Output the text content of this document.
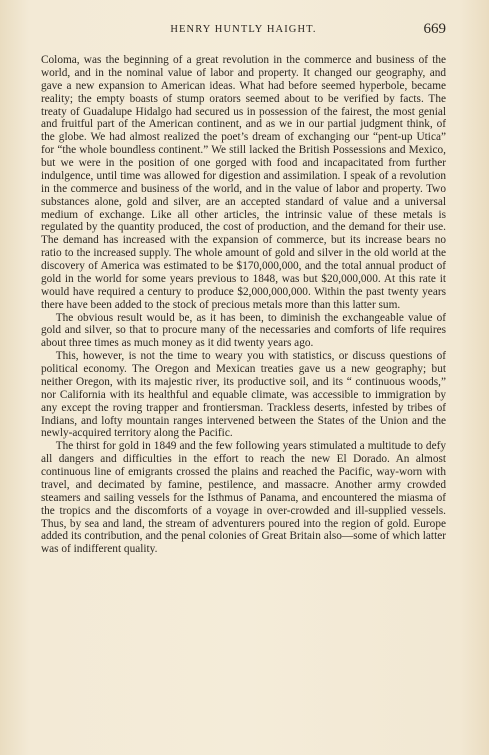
HENRY HUNTLY HAIGHT.	669

Coloma, was the beginning of a great revolution in the commerce and business of the world, and in the nominal value of labor and property. It changed our geography, and gave a new expansion to American ideas. What had before seemed hyperbole, became reality; the empty boasts of stump orators seemed about to be verified by facts. The treaty of Guadalupe Hidalgo had secured us in possession of the fairest, the most genial and fruitful part of the American continent, and as we in our partial judgment think, of the globe. We had almost realized the poet’s dream of exchanging our “pent-up Utica” for “the whole boundless continent.” We still lacked the British Possessions and Mexico, but we were in the position of one gorged with food and incapacitated from further indulgence, until time was allowed for digestion and assimilation. I speak of a revolution in the commerce and business of the world, and in the value of labor and property. Two substances alone, gold and silver, are an accepted standard of value and a universal medium of exchange. Like all other articles, the intrinsic value of these metals is regulated by the quantity produced, the cost of production, and the demand for their use. The demand has increased with the expansion of commerce, but its increase bears no ratio to the increased supply. The whole amount of gold and silver in the old world at the discovery of America was estimated to be $170,000,000, and the total annual product of gold in the world for some years previous to 1848, was but $20,000,000. At this rate it would have required a century to produce $2,000,000,000. Within the past twenty years there have been added to the stock of precious metals more than this latter sum.

The obvious result would be, as it has been, to diminish the exchangeable value of gold and silver, so that to procure many of the necessaries and comforts of life requires about three times as much money as it did twenty years ago.

This, however, is not the time to weary you with statistics, or discuss questions of political economy. The Oregon and Mexican treaties gave us a new geography; but neither Oregon, with its majestic river, its productive soil, and its “ continuous woods,” nor California with its healthful and equable climate, was accessible to immigration by any except the roving trapper and frontiersman. Trackless deserts, infested by tribes of Indians, and lofty mountain ranges intervened between the States of the Union and the newly-acquired territory along the Pacific.

The thirst for gold in 1849 and the few following years stimulated a multitude to defy all dangers and difficulties in the effort to reach the new El Dorado. An almost continuous line of emigrants crossed the plains and reached the Pacific, way-worn with travel, and decimated by famine, pestilence, and massacre. Another army crowded steamers and sailing vessels for the Isthmus of Panama, and encountered the miasma of the tropics and the discomforts of a voyage in over-crowded and ill-supplied vessels. Thus, by sea and land, the stream of adventurers poured into the region of gold. Europe added its contribution, and the penal colonies of Great Britain also—some of which latter was of indifferent quality.
